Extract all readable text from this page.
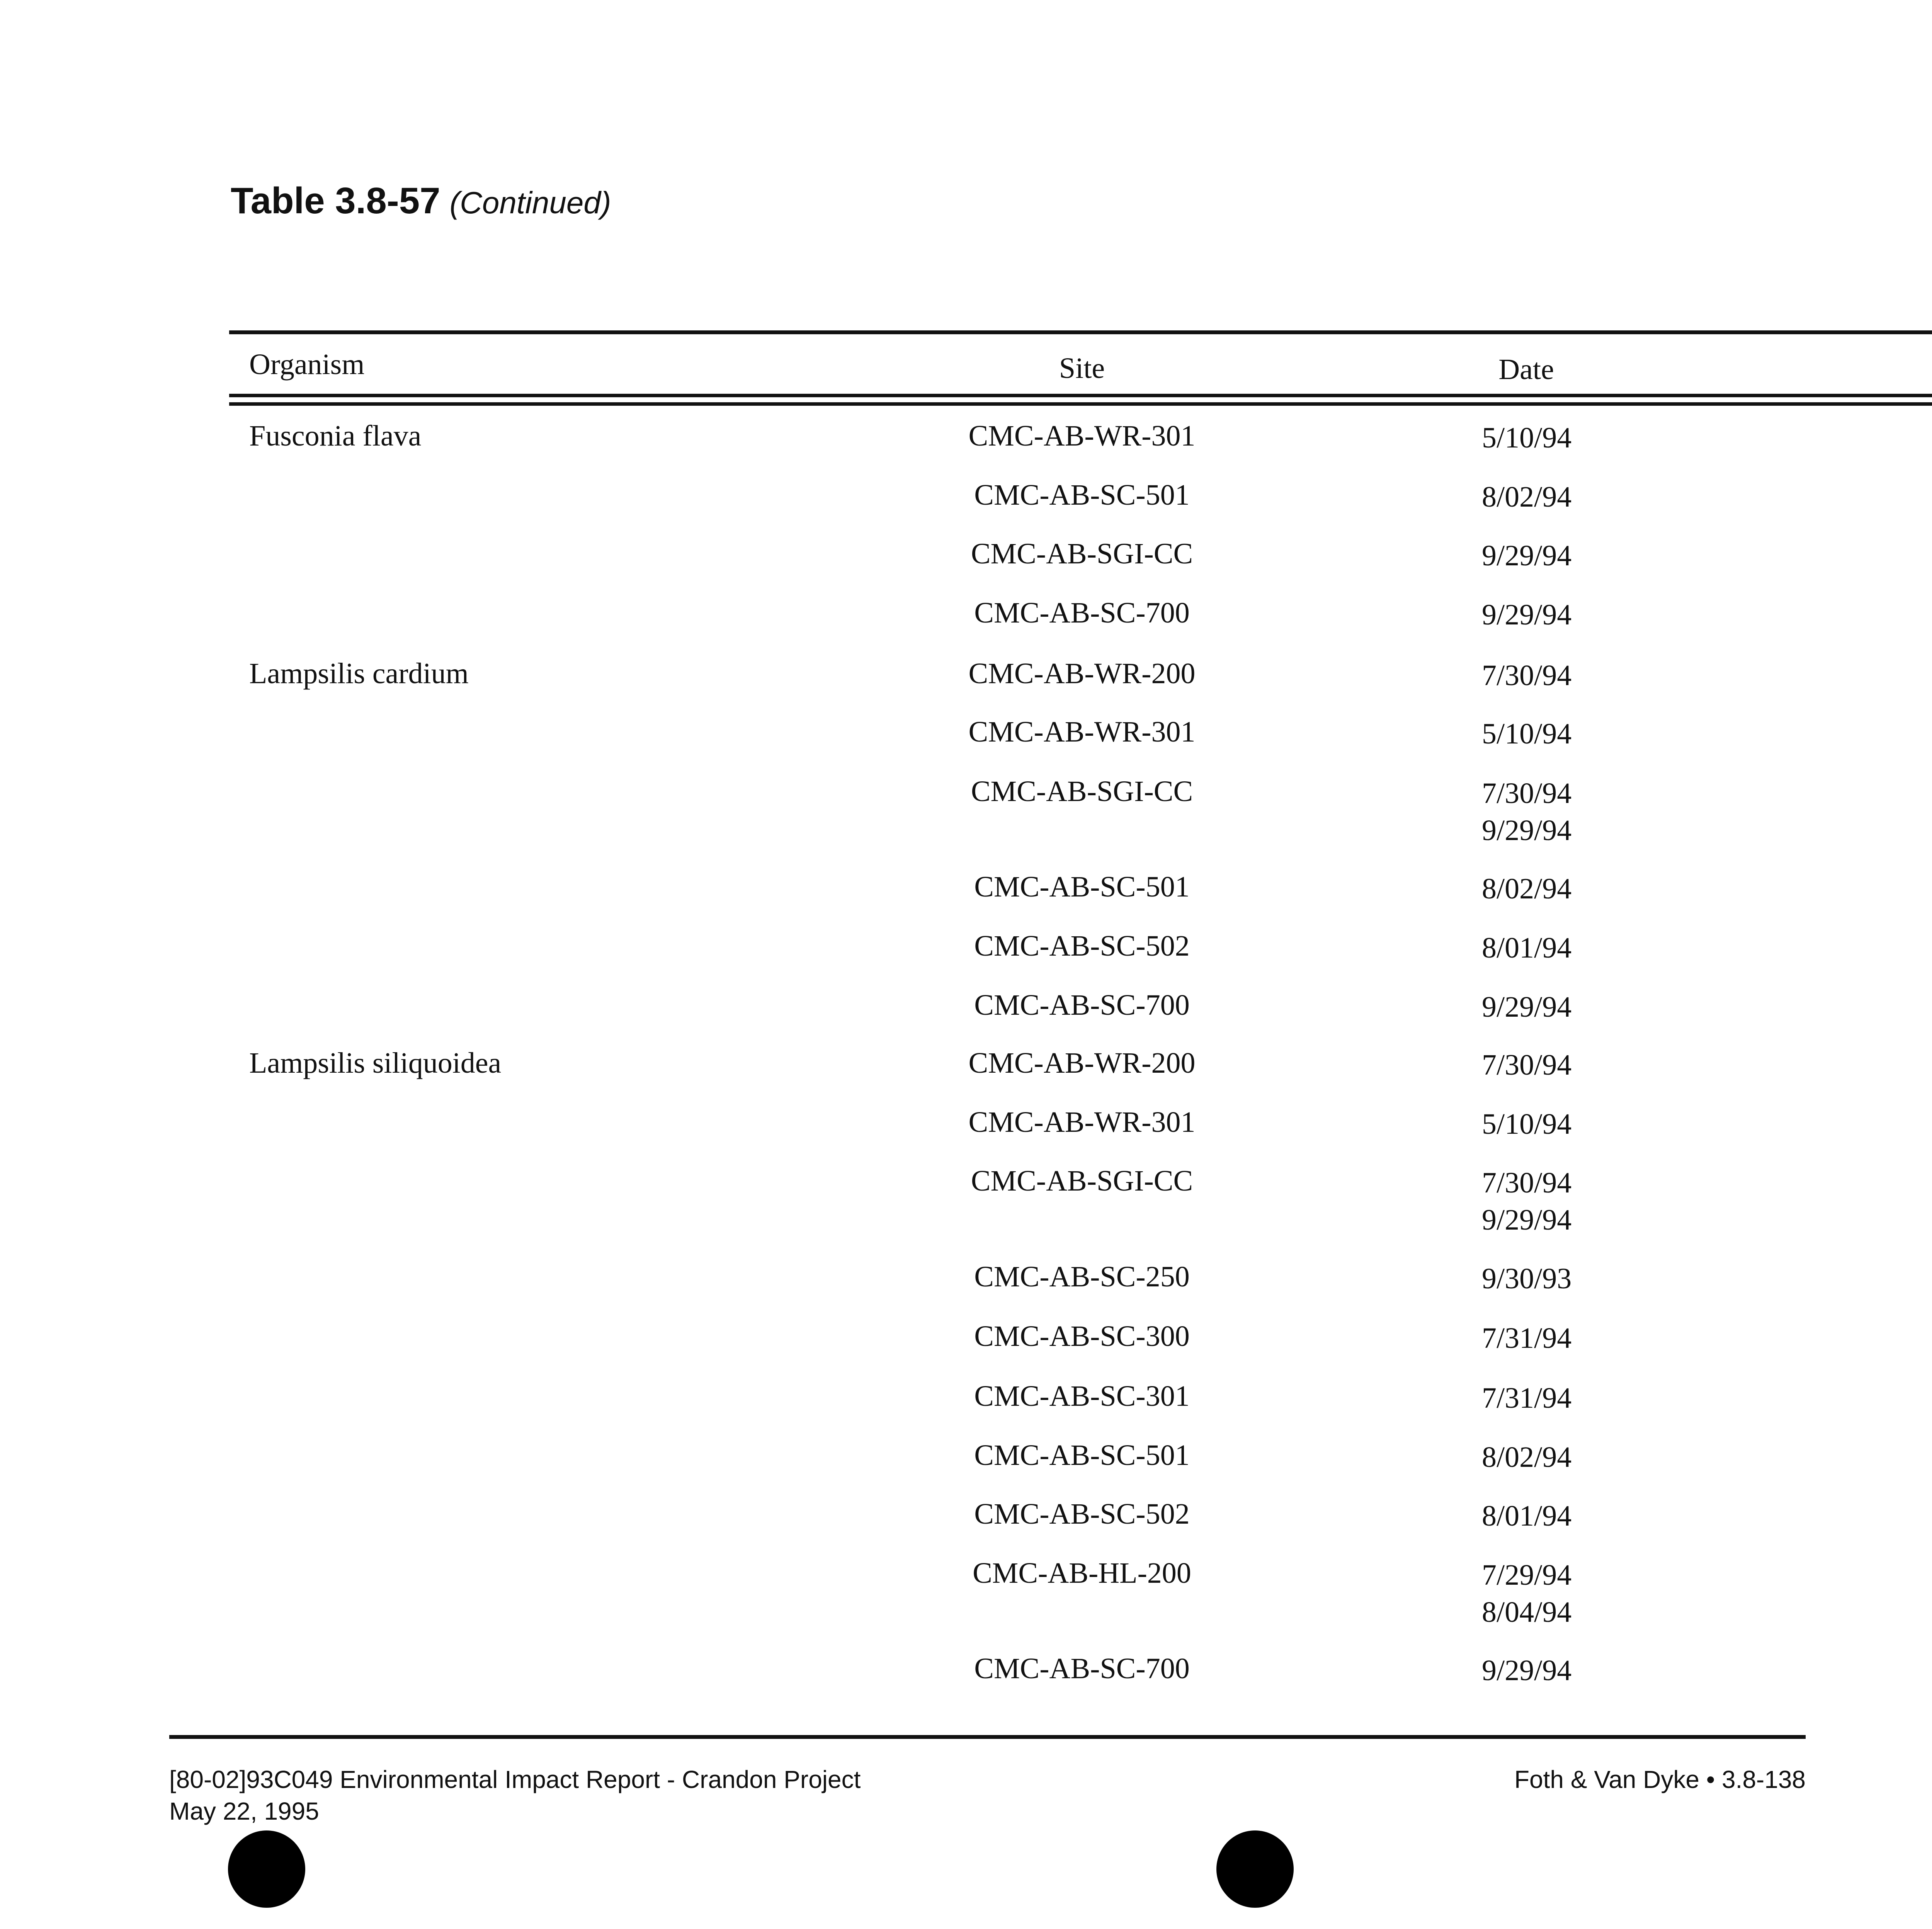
Table 3.8-57 (Continued)
Organism	Site	Date
Fusconia flava	CMC-AB-WR-301	5/10/94
CMC-AB-SC-501	8/02/94
CMC-AB-SGI-CC	9/29/94
CMC-AB-SC-700	9/29/94
Lampsilis cardium	CMC-AB-WR-200	7/30/94
CMC-AB-WR-301	5/10/94
CMC-AB-SGI-CC	7/30/94
9/29/94
CMC-AB-SC-501	8/02/94
CMC-AB-SC-502	8/01/94
CMC-AB-SC-700	9/29/94
Lampsilis siliquoidea	CMC-AB-WR-200	7/30/94
CMC-AB-WR-301	5/10/94
CMC-AB-SGI-CC	7/30/94
9/29/94
CMC-AB-SC-250	9/30/93
CMC-AB-SC-300	7/31/94
CMC-AB-SC-301	7/31/94
CMC-AB-SC-501	8/02/94
CMC-AB-SC-502	8/01/94
CMC-AB-HL-200	7/29/94
8/04/94
CMC-AB-SC-700	9/29/94
[80-02]93C049 Environmental Impact Report - Crandon Project
May 22, 1995
Foth & Van Dyke • 3.8-138
